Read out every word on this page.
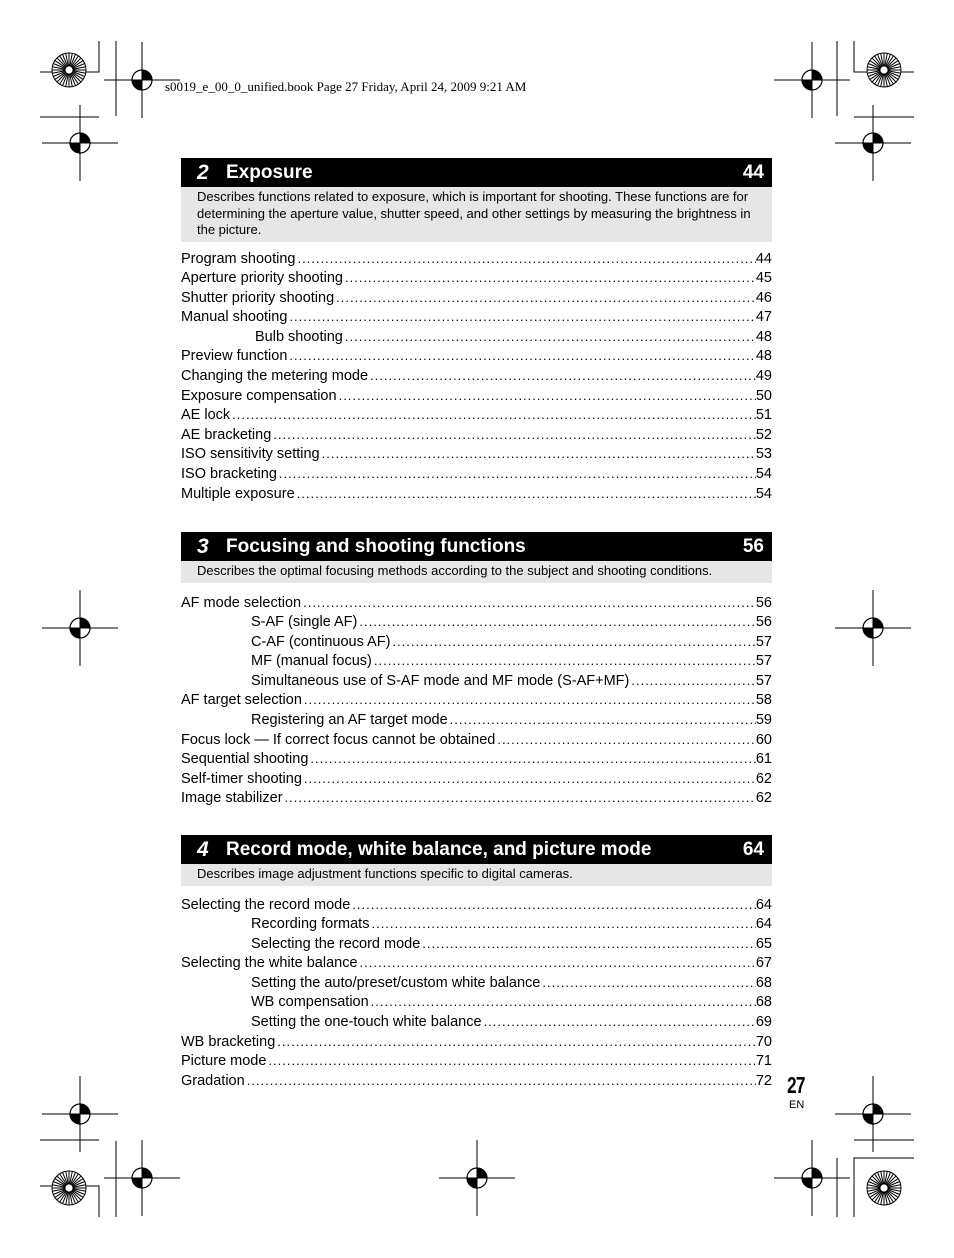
s0019_e_00_0_unified.book Page 27 Friday, April 24, 2009 9:21 AM
2 Exposure	44
Describes functions related to exposure, which is important for shooting. These functions are for determining the aperture value, shutter speed, and other settings by measuring the brightness in the picture.
Program shooting .....	44
Aperture priority shooting .....	45
Shutter priority shooting .....	46
Manual shooting .....	47
Bulb shooting .....	48
Preview function .....	48
Changing the metering mode .....	49
Exposure compensation .....	50
AE lock .....	51
AE bracketing .....	52
ISO sensitivity setting .....	53
ISO bracketing .....	54
Multiple exposure .....	54
3 Focusing and shooting functions	56
Describes the optimal focusing methods according to the subject and shooting conditions.
AF mode selection .....	56
S-AF (single AF) .....	56
C-AF (continuous AF) .....	57
MF (manual focus) .....	57
Simultaneous use of S-AF mode and MF mode (S-AF+MF) .....	57
AF target selection .....	58
Registering an AF target mode .....	59
Focus lock — If correct focus cannot be obtained .....	60
Sequential shooting .....	61
Self-timer shooting .....	62
Image stabilizer .....	62
4 Record mode, white balance, and picture mode	64
Describes image adjustment functions specific to digital cameras.
Selecting the record mode .....	64
Recording formats .....	64
Selecting the record mode .....	65
Selecting the white balance .....	67
Setting the auto/preset/custom white balance .....	68
WB compensation .....	68
Setting the one-touch white balance .....	69
WB bracketing .....	70
Picture mode .....	71
Gradation .....	72 27
EN
